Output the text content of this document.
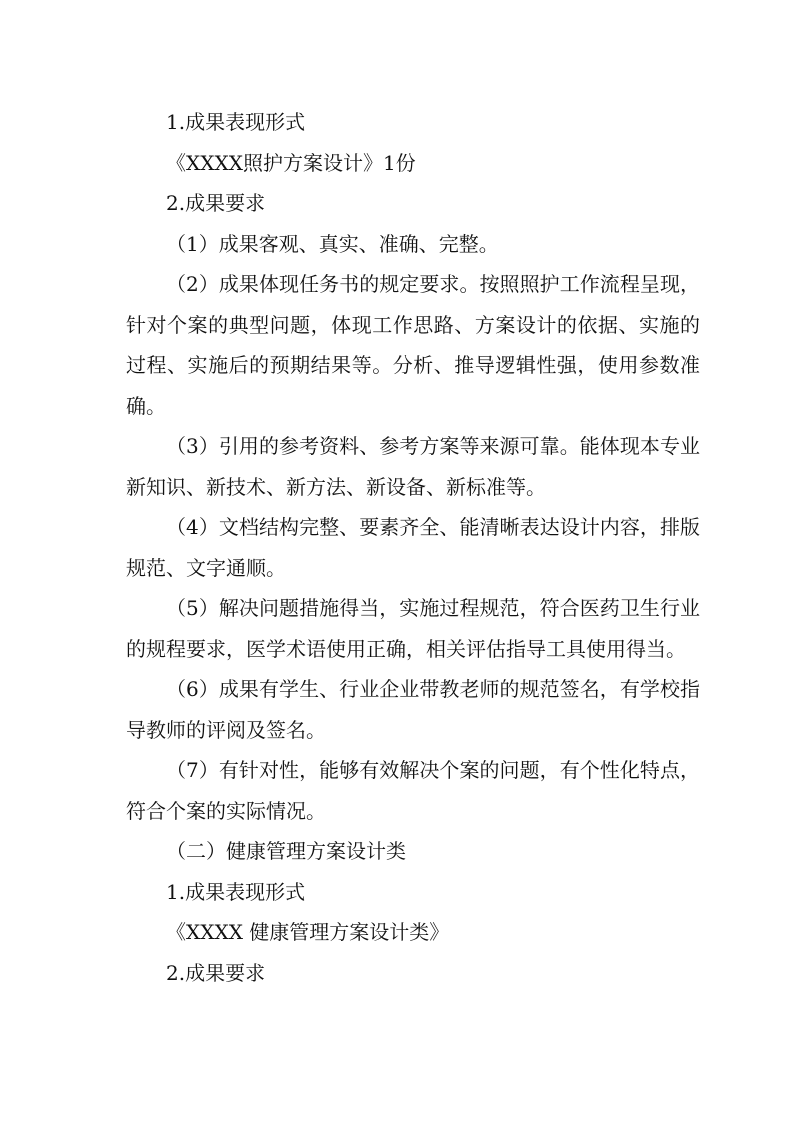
1.成果表现形式

《XXXX照护方案设计》1份

2.成果要求

（1）成果客观、真实、准确、完整。

（2）成果体现任务书的规定要求。按照照护工作流程呈现，针对个案的典型问题，体现工作思路、方案设计的依据、实施的过程、实施后的预期结果等。分析、推导逻辑性强，使用参数准确。

（3）引用的参考资料、参考方案等来源可靠。能体现本专业新知识、新技术、新方法、新设备、新标准等。

（4）文档结构完整、要素齐全、能清晰表达设计内容，排版规范、文字通顺。

（5）解决问题措施得当，实施过程规范，符合医药卫生行业的规程要求，医学术语使用正确，相关评估指导工具使用得当。

（6）成果有学生、行业企业带教老师的规范签名，有学校指导教师的评阅及签名。

（7）有针对性，能够有效解决个案的问题，有个性化特点，符合个案的实际情况。

（二）健康管理方案设计类

1.成果表现形式

《XXXX 健康管理方案设计类》

2.成果要求
